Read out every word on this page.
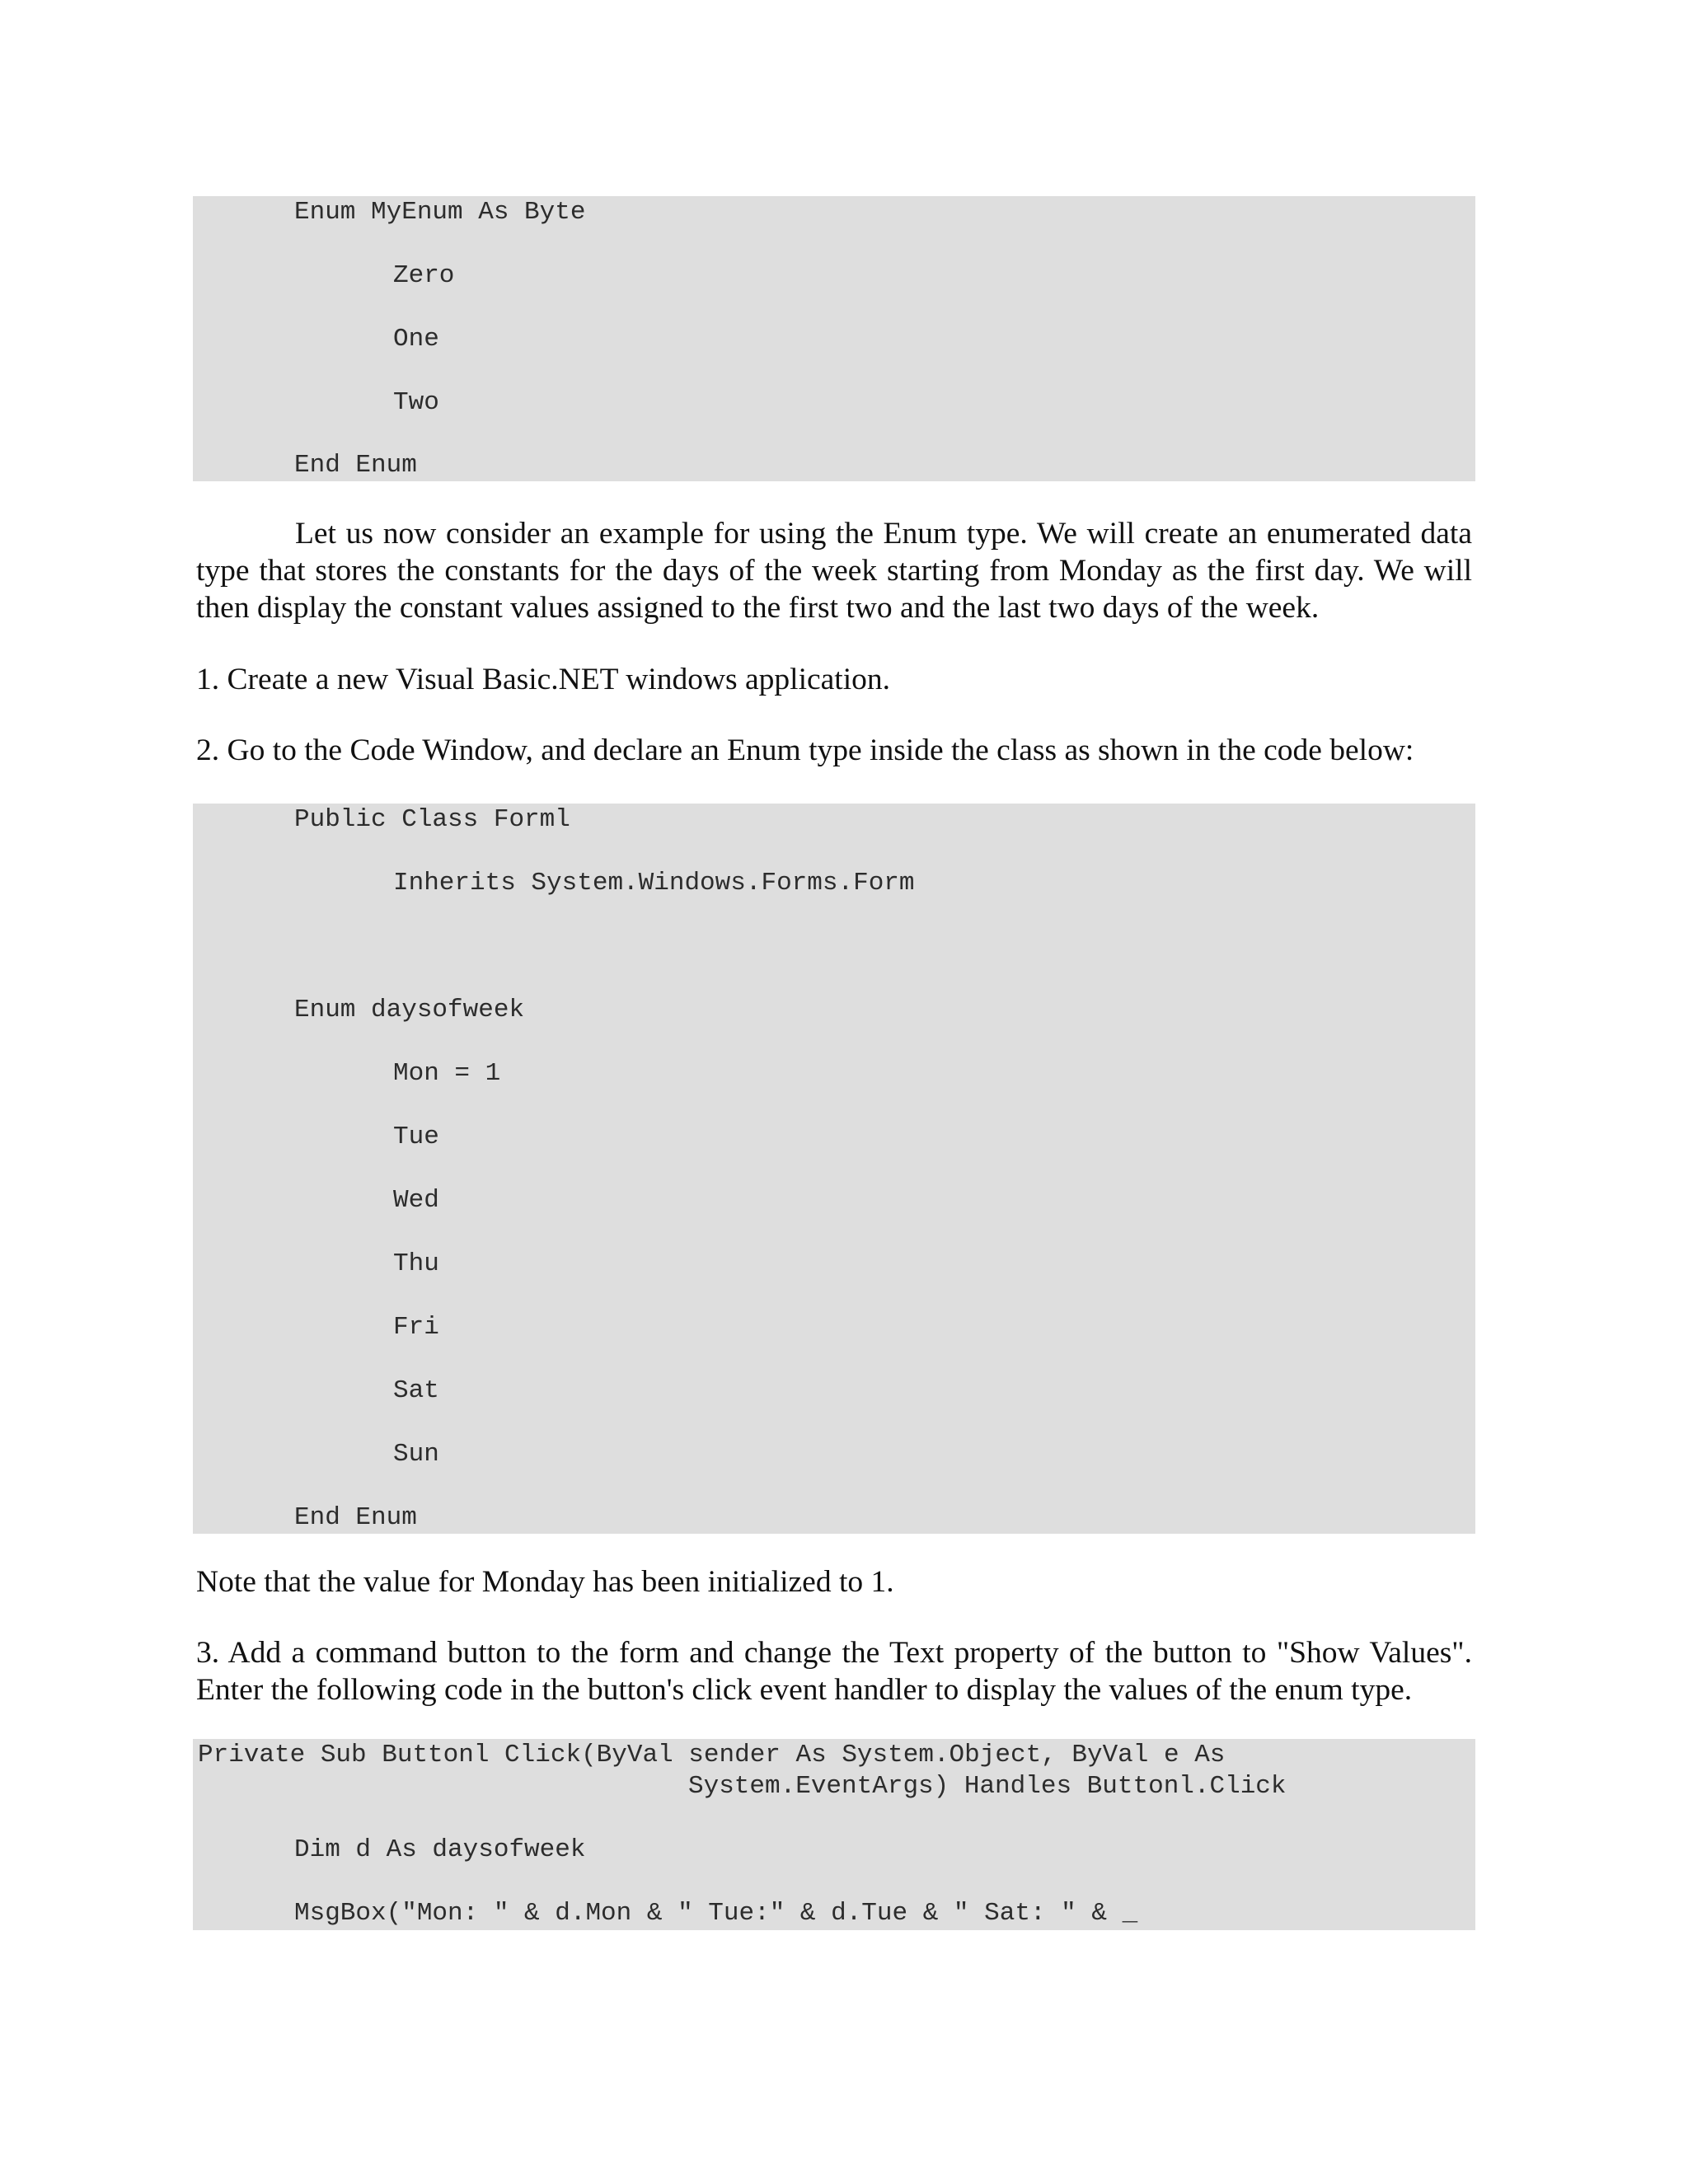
Enum MyEnum As Byte
Zero
One
Two
End Enum

Let us now consider an example for using the Enum type. We will create an enumerated data type that stores the constants for the days of the week starting from Monday as the first day. We will then display the constant values assigned to the first two and the last two days of the week.

1. Create a new Visual Basic.NET windows application.

2. Go to the Code Window, and declare an Enum type inside the class as shown in the code below:

Public Class Forml
Inherits System.Windows.Forms.Form
Enum daysofweek
Mon = 1
Tue
Wed
Thu
Fri
Sat
Sun
End Enum

Note that the value for Monday has been initialized to 1.

3. Add a command button to the form and change the Text property of the button to "Show Values". Enter the following code in the button's click event handler to display the values of the enum type.

Private Sub Buttonl Click(ByVal sender As System.Object, ByVal e As
System.EventArgs) Handles Buttonl.Click
Dim d As daysofweek
MsgBox("Mon: " & d.Mon & " Tue:" & d.Tue & " Sat: " & _
